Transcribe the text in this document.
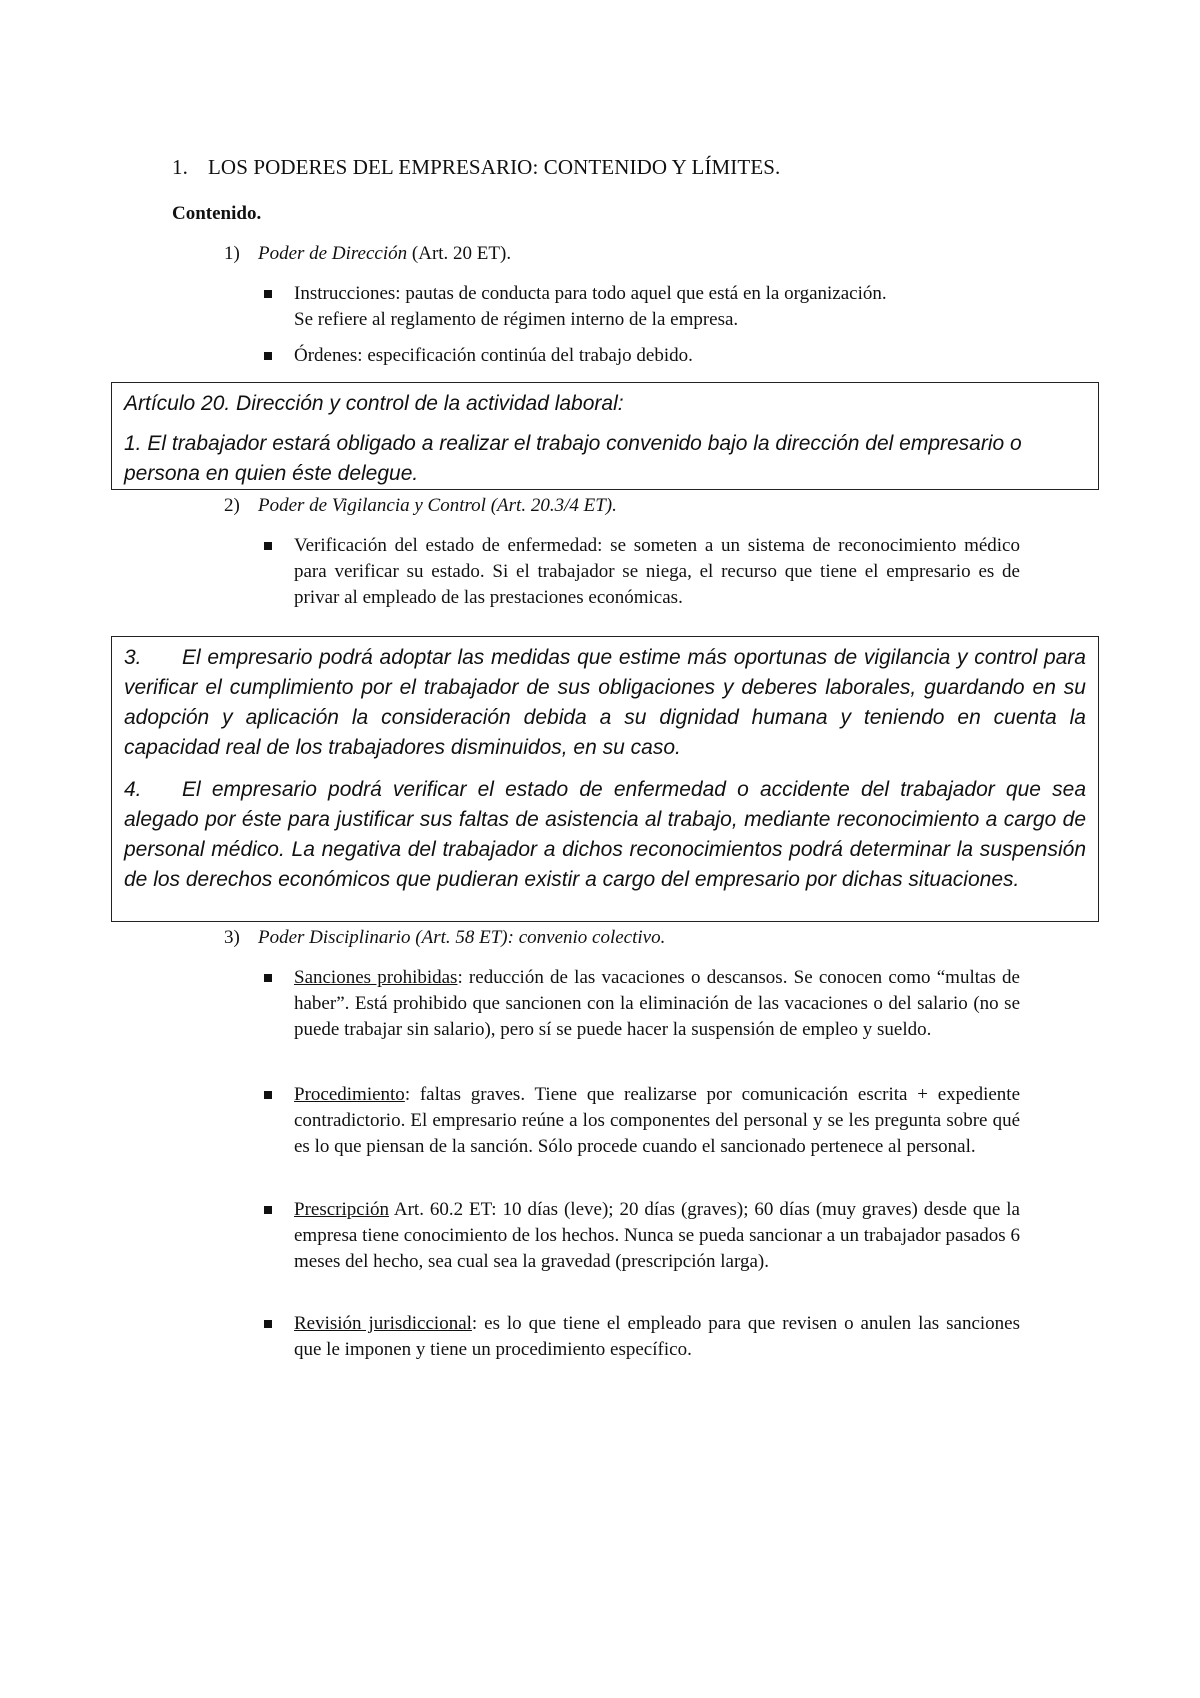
1. LOS PODERES DEL EMPRESARIO: CONTENIDO Y LÍMITES.
Contenido.
1) Poder de Dirección (Art. 20 ET).
Instrucciones: pautas de conducta para todo aquel que está en la organización.
Se refiere al reglamento de régimen interno de la empresa.
Órdenes: especificación continúa del trabajo debido.

Artículo 20. Dirección y control de la actividad laboral:

1. El trabajador estará obligado a realizar el trabajo convenido bajo la dirección del empresario o persona en quien éste delegue.

2) Poder de Vigilancia y Control (Art. 20.3/4 ET).
Verificación del estado de enfermedad: se someten a un sistema de reconocimiento médico para verificar su estado. Si el trabajador se niega, el recurso que tiene el empresario es de privar al empleado de las prestaciones económicas.

3. El empresario podrá adoptar las medidas que estime más oportunas de vigilancia y control para verificar el cumplimiento por el trabajador de sus obligaciones y deberes laborales, guardando en su adopción y aplicación la consideración debida a su dignidad humana y teniendo en cuenta la capacidad real de los trabajadores disminuidos, en su caso.

4. El empresario podrá verificar el estado de enfermedad o accidente del trabajador que sea alegado por éste para justificar sus faltas de asistencia al trabajo, mediante reconocimiento a cargo de personal médico. La negativa del trabajador a dichos reconocimientos podrá determinar la suspensión de los derechos económicos que pudieran existir a cargo del empresario por dichas situaciones.

3) Poder Disciplinario (Art. 58 ET): convenio colectivo.
Sanciones prohibidas: reducción de las vacaciones o descansos. Se conocen como “multas de haber”. Está prohibido que sancionen con la eliminación de las vacaciones o del salario (no se puede trabajar sin salario), pero sí se puede hacer la suspensión de empleo y sueldo.
Procedimiento: faltas graves. Tiene que realizarse por comunicación escrita + expediente contradictorio. El empresario reúne a los componentes del personal y se les pregunta sobre qué es lo que piensan de la sanción. Sólo procede cuando el sancionado pertenece al personal.
Prescripción Art. 60.2 ET: 10 días (leve); 20 días (graves); 60 días (muy graves) desde que la empresa tiene conocimiento de los hechos. Nunca se pueda sancionar a un trabajador pasados 6 meses del hecho, sea cual sea la gravedad (prescripción larga).
Revisión jurisdiccional: es lo que tiene el empleado para que revisen o anulen las sanciones que le imponen y tiene un procedimiento específico.
